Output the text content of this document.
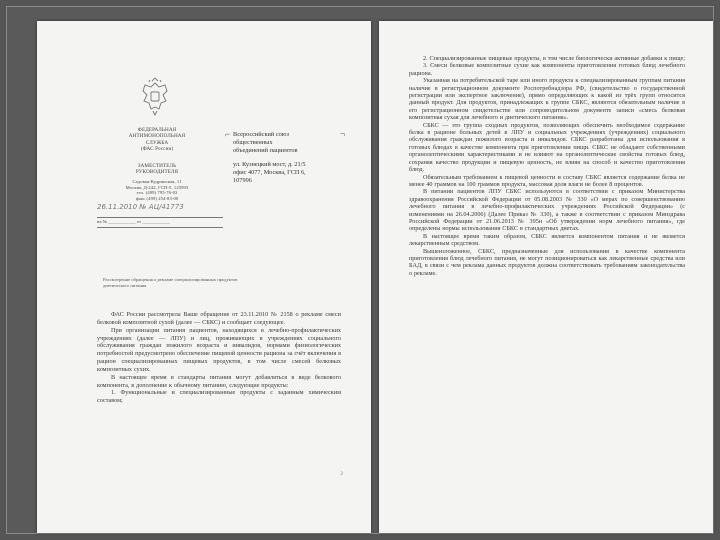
ФЕДЕРАЛЬНАЯ
АНТИМОНОПОЛЬНАЯ
СЛУЖБА
(ФАС России)
ЗАМЕСТИТЕЛЬ
РУКОВОДИТЕЛЯ
Садовая-Кудринская, 11
Москва, Д-242, ГСП-5, 125993
тел. (499) 795-76-03
факс (499) 254-83-00
26.11.2010 № АЦ/41773
на № ____________ от ____________
⌐	¬
Всероссийский союз
общественных
объединений пациентов
ул. Кузнецкий мост, д. 21/5
офис 4077, Москва, ГСП 6,
107996
Рассмотрение обращения о рекламе специализированных продуктов диетического питания

ФАС России рассмотрела Ваше обращение от 23.11.2010 № 2158 о рекламе смеси белковой композитной сухой (далее — СБКС) и сообщает следующее.

При организации питания пациентов, находящихся в лечебно-профилактических учреждениях (далее — ЛПУ) и лиц, проживающих в учреждениях социального обслуживания граждан пожилого возраста и инвалидов, нормами физиологических потребностей предусмотрено обеспечение пищевой ценности рациона за счёт включения в рацион специализированных пищевых продуктов, в том числе смесей белковых композитных сухих.

В настоящее время в стандарты питания могут добавляться в виде белкового компонента, в дополнение к обычному питанию, следующие продукты:

1. Функциональные и специализированные продукты с заданным химическим составом;

2

2. Специализированные пищевые продукты, в том числе биологически активные добавки к пище;

3. Смеси белковые композитные сухие как компоненты приготовления готовых блюд лечебного рациона.

Указанная на потребительской таре или иного продукта к специализированным группам питания наличие в регистрационном документе Роспотребнадзора РФ, (свидетельство о государственной регистрации или экспертное заключение), прямо определяющих к какой из трёх групп относится данный продукт. Для продуктов, принадлежащих к группе СБКС, являются обязательным наличие в его регистрационном свидетельстве или сопроводительном документе записи «смесь белковая композитная сухая для лечебного и диетического питания».

СБКС — это группа сходных продуктов, позволяющих обеспечить необходимое содержание белка в рационе больных детей в ЛПУ и социальных учреждениях (учреждениях) социального обслуживания граждан пожилого возраста и инвалидов. СБКС разработаны для использования в готовых блюдах в качестве компонента при приготовлении пищи. СБКС не обладают собственными органолептическими характеристиками и не влияют на органолептические свойства готовых блюд, сохраняя качество продукции и пищевую ценность, не влияя на способ и качество приготовления блюд.

Обязательным требованием к пищевой ценности и составу СБКС является содержание белка не менее 40 граммов на 100 граммов продукта, массовая доля влаги не более 8 процентов.

В питании пациентов ЛПУ СБКС используются в соответствии с приказом Министерства здравоохранения Российской Федерации от 05.08.2003 № 330 «О мерах по совершенствованию лечебного питания в лечебно-профилактических учреждениях Российской Федерации» (с изменениями на 26.04.2006) (Далее Приказ № 330), а также в соответствии с приказом Минздрава Российской Федерации от 21.06.2013 № 395н «Об утверждении норм лечебного питания», где определены нормы использования СБКС в стандартных диетах.

В настоящее время таким образом, СБКС является компонентом питания и не является лекарственным средством.

Вышеизложенное, СБКС, предназначенные для использования в качестве компонента приготовления блюд лечебного питания, не могут позиционироваться как лекарственные средства или БАД, в связи с чем реклама данных продуктов должна соответствовать требованиям законодательства о рекламе.
